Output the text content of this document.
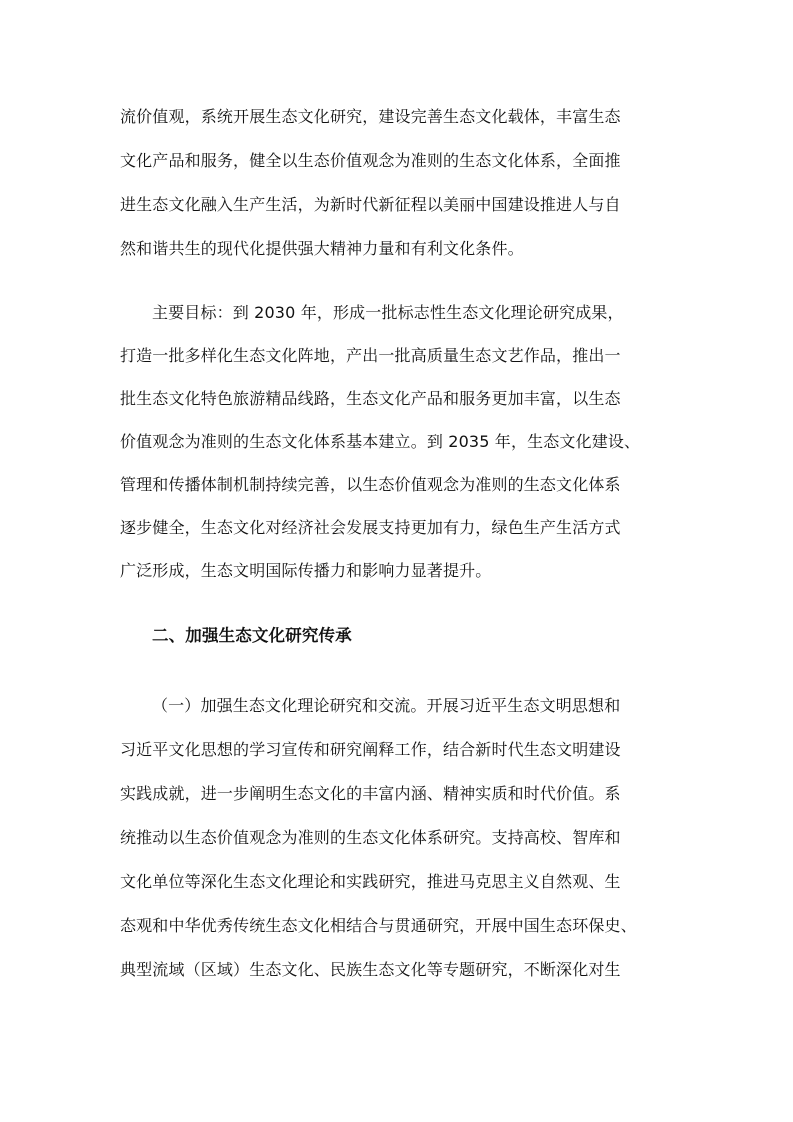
流价值观，系统开展生态文化研究，建设完善生态文化载体，丰富生态
文化产品和服务，健全以生态价值观念为准则的生态文化体系，全面推
进生态文化融入生产生活，为新时代新征程以美丽中国建设推进人与自
然和谐共生的现代化提供强大精神力量和有利文化条件。
主要目标：到 2030 年，形成一批标志性生态文化理论研究成果，
打造一批多样化生态文化阵地，产出一批高质量生态文艺作品，推出一
批生态文化特色旅游精品线路，生态文化产品和服务更加丰富，以生态
价值观念为准则的生态文化体系基本建立。到 2035 年，生态文化建设、
管理和传播体制机制持续完善，以生态价值观念为准则的生态文化体系
逐步健全，生态文化对经济社会发展支持更加有力，绿色生产生活方式
广泛形成，生态文明国际传播力和影响力显著提升。
二、加强生态文化研究传承
（一）加强生态文化理论研究和交流。开展习近平生态文明思想和
习近平文化思想的学习宣传和研究阐释工作，结合新时代生态文明建设
实践成就，进一步阐明生态文化的丰富内涵、精神实质和时代价值。系
统推动以生态价值观念为准则的生态文化体系研究。支持高校、智库和
文化单位等深化生态文化理论和实践研究，推进马克思主义自然观、生
态观和中华优秀传统生态文化相结合与贯通研究，开展中国生态环保史、
典型流域（区域）生态文化、民族生态文化等专题研究，不断深化对生
